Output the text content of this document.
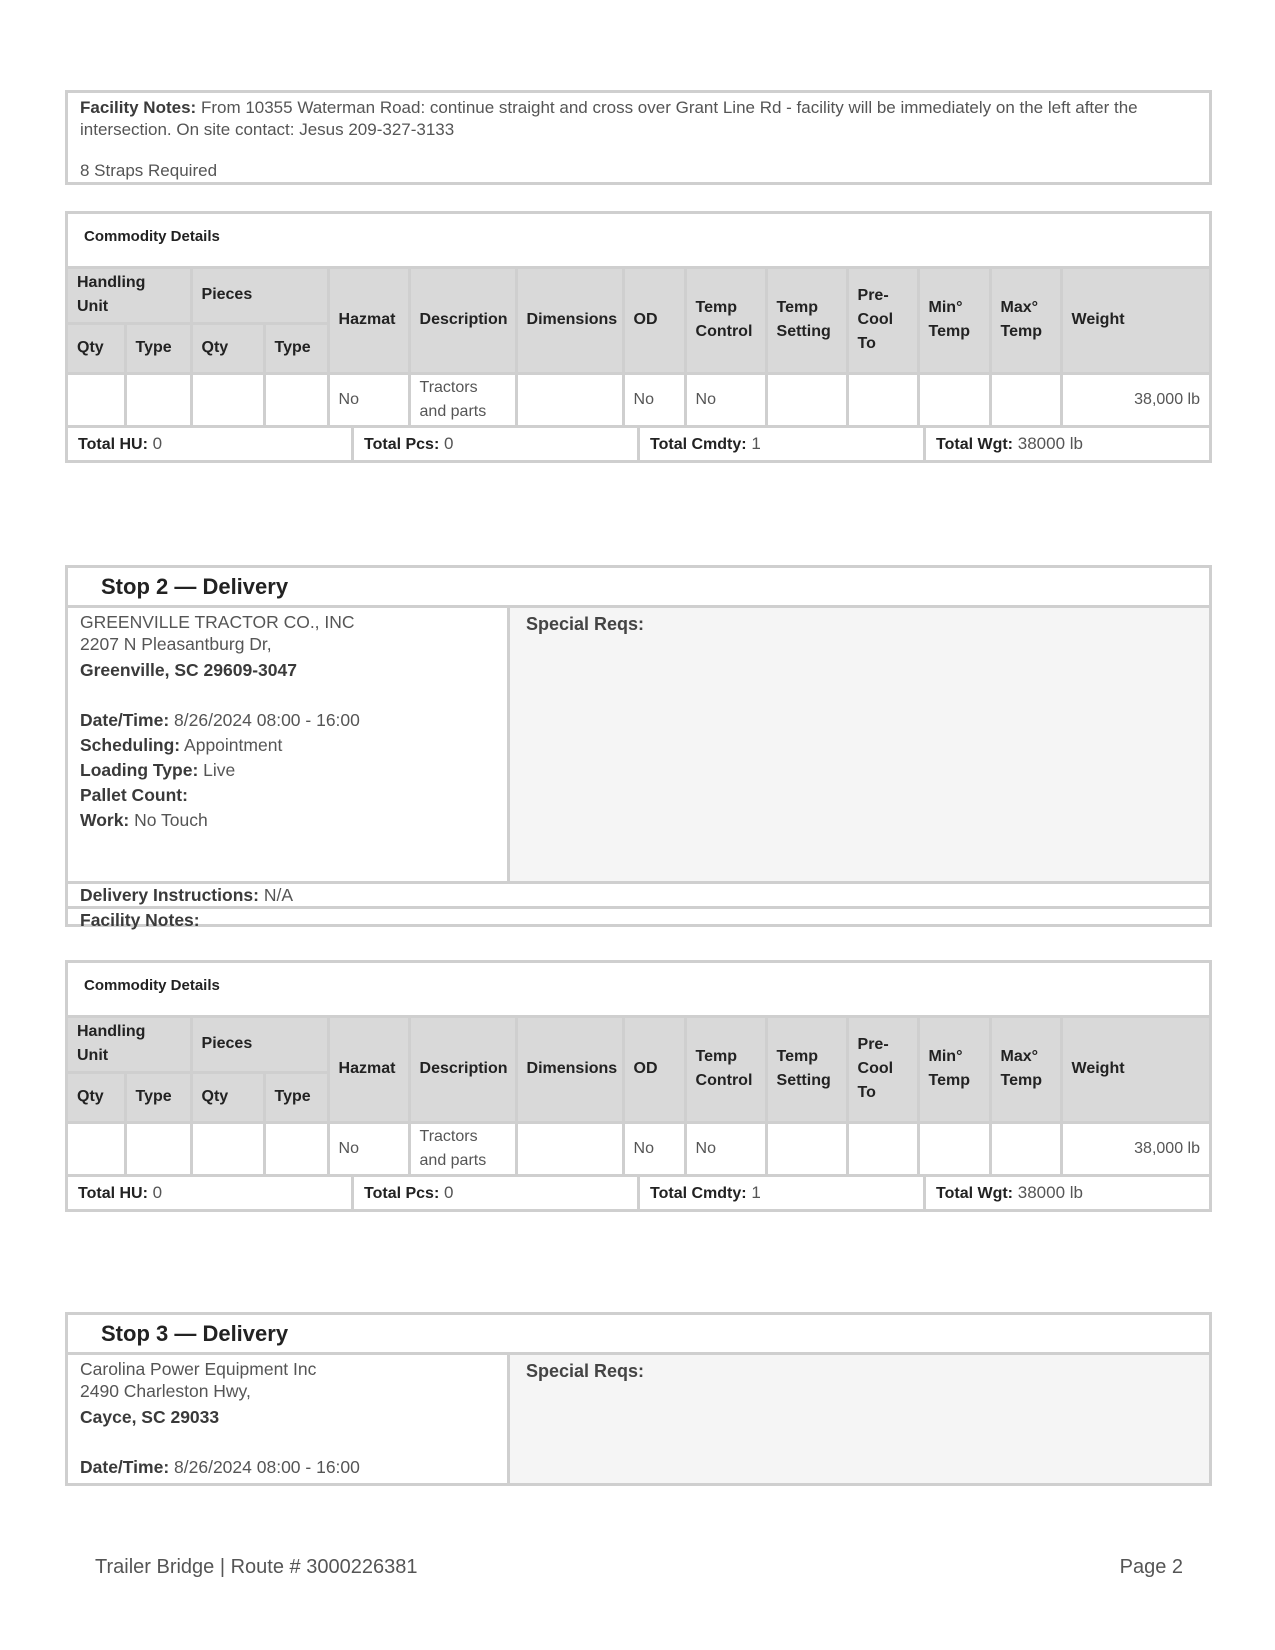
Facility Notes: From 10355 Waterman Road: continue straight and cross over Grant Line Rd - facility will be immediately on the left after the intersection. On site contact: Jesus 209-327-3133
8 Straps Required
Commodity Details
Handling Unit		Pieces		Hazmat	Description	Dimensions	OD	Temp Control	Temp Setting	Pre-Cool To	Min° Temp	Max° Temp	Weight
Qty	Type	Qty	Type										
				No	Tractors and parts		No	No					38,000 lb
Total HU: 0	Total Pcs: 0	Total Cmdty: 1	Total Wgt: 38000 lb
Stop 2 — Delivery
GREENVILLE TRACTOR CO., INC
2207 N Pleasantburg Dr,
Greenville, SC 29609-3047
Date/Time: 8/26/2024 08:00 - 16:00
Scheduling: Appointment
Loading Type: Live
Pallet Count:
Work: No Touch
Special Reqs:
Delivery Instructions: N/A
Facility Notes:
Commodity Details
Handling Unit		Pieces		Hazmat	Description	Dimensions	OD	Temp Control	Temp Setting	Pre-Cool To	Min° Temp	Max° Temp	Weight
Qty	Type	Qty	Type										
				No	Tractors and parts		No	No					38,000 lb
Total HU: 0	Total Pcs: 0	Total Cmdty: 1	Total Wgt: 38000 lb
Stop 3 — Delivery
Carolina Power Equipment Inc
2490 Charleston Hwy,
Cayce, SC 29033
Date/Time: 8/26/2024 08:00 - 16:00
Special Reqs:
Trailer Bridge | Route # 3000226381	Page 2
